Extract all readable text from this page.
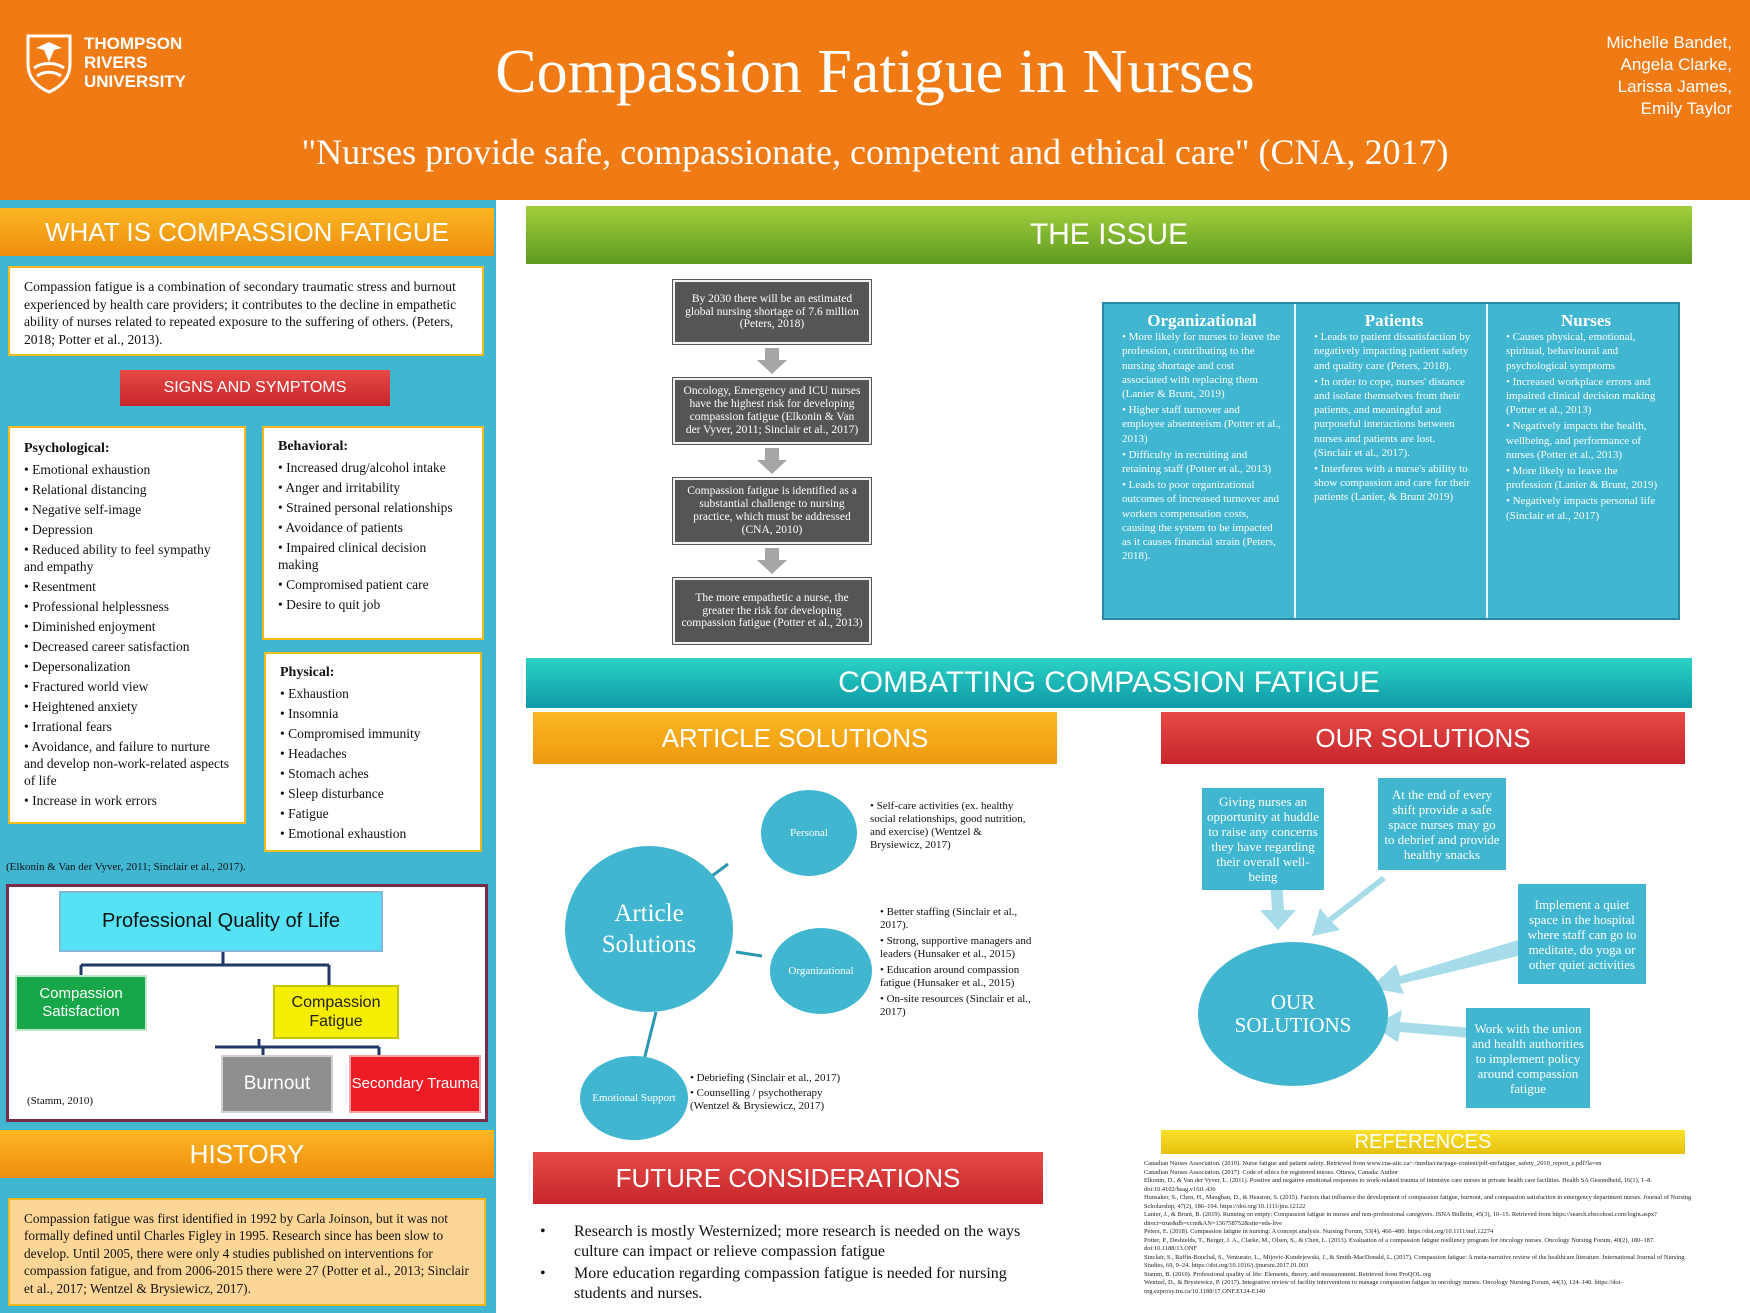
THOMPSON
RIVERS
UNIVERSITY	Compassion Fatigue in Nurses
"Nurses provide safe, compassionate, competent and ethical care" (CNA, 2017)
Michelle Bandet,
Angela Clarke,
Larissa James,
Emily Taylor
WHAT IS COMPASSION FATIGUE
Compassion fatigue is a combination of secondary traumatic stress and burnout experienced by health care providers; it contributes to the decline in empathetic ability of nurses related to repeated exposure to the suffering of others. (Peters, 2018; Potter et al., 2013).
SIGNS AND SYMPTOMS
Psychological:
• Emotional exhaustion
• Relational distancing
• Negative self-image
• Depression
• Reduced ability to feel sympathy and empathy
• Resentment
• Professional helplessness
• Diminished enjoyment
• Decreased career satisfaction
• Depersonalization
• Fractured world view
• Heightened anxiety
• Irrational fears
• Avoidance, and failure to nurture and develop non-work-related aspects of life
• Increase in work errors
Behavioral:
• Increased drug/alcohol intake
• Anger and irritability
• Strained personal relationships
• Avoidance of patients
• Impaired clinical decision making
• Compromised patient care
• Desire to quit job
Physical:
• Exhaustion
• Insomnia
• Compromised immunity
• Headaches
• Stomach aches
• Sleep disturbance
• Fatigue
• Emotional exhaustion
(Elkonin & Van der Vyver, 2011; Sinclair et al., 2017).
Professional Quality of Life
Compassion Satisfaction
Compassion Fatigue
Burnout	Secondary Trauma
(Stamm, 2010)
HISTORY
Compassion fatigue was first identified in 1992 by Carla Joinson, but it was not formally defined until Charles Figley in 1995. Research since has been slow to develop. Until 2005, there were only 4 studies published on interventions for compassion fatigue, and from 2006-2015 there were 27 (Potter et al., 2013; Sinclair et al., 2017; Wentzel & Brysiewicz, 2017).
THE ISSUE
By 2030 there will be an estimated global nursing shortage of 7.6 million (Peters, 2018)
Oncology, Emergency and ICU nurses have the highest risk for developing compassion fatigue (Elkonin & Van der Vyver, 2011; Sinclair et al., 2017)
Compassion fatigue is identified as a substantial challenge to nursing practice, which must be addressed (CNA, 2010)
The more empathetic a nurse, the greater the risk for developing compassion fatigue (Potter et al., 2013)
Organizational
• More likely for nurses to leave the profession, contributing to the nursing shortage and cost associated with replacing them (Lanier & Brunt, 2019)
• Higher staff turnover and employee absenteeism (Potter et al., 2013)
• Difficulty in recruiting and retaining staff (Potter et al., 2013)
• Leads to poor organizational outcomes of increased turnover and workers compensation costs, causing the system to be impacted as it causes financial strain (Peters, 2018).
Patients
• Leads to patient dissatisfaction by negatively impacting patient safety and quality care (Peters, 2018).
• In order to cope, nurses' distance and isolate themselves from their patients, and meaningful and purposeful interactions between nurses and patients are lost. (Sinclair et al., 2017).
• Interferes with a nurse's ability to show compassion and care for their patients (Lanier, & Brunt 2019)
Nurses
• Causes physical, emotional, spiritual, behavioural and psychological symptoms
• Increased workplace errors and impaired clinical decision making (Potter et al., 2013)
• Negatively impacts the health, wellbeing, and performance of nurses (Potter et al., 2013)
• More likely to leave the profession (Lanier & Brunt, 2019)
• Negatively impacts personal life (Sinclair et al., 2017)
COMBATTING COMPASSION FATIGUE
ARTICLE SOLUTIONS	OUR SOLUTIONS
Article Solutions
Personal
Organizational
Emotional Support
• Self-care activities (ex. healthy social relationships, good nutrition, and exercise) (Wentzel & Brysiewicz, 2017)
• Better staffing (Sinclair et al., 2017).
• Strong, supportive managers and leaders (Hunsaker et al., 2015)
• Education around compassion fatigue (Hunsaker et al., 2015)
• On-site resources (Sinclair et al., 2017)
• Debriefing (Sinclair et al., 2017)
• Counselling / psychotherapy (Wentzel & Brysiewicz, 2017)
OUR SOLUTIONS
Giving nurses an opportunity at huddle to raise any concerns they have regarding their overall well-being
At the end of every shift provide a safe space nurses may go to debrief and provide healthy snacks
Implement a quiet space in the hospital where staff can go to meditate, do yoga or other quiet activities
Work with the union and health authorities to implement policy around compassion fatigue
FUTURE CONSIDERATIONS
•	Research is mostly Westernized; more research is needed on the ways culture can impact or relieve compassion fatigue
•	More education regarding compassion fatigue is needed for nursing students and nurses.
REFERENCES
Canadian Nurses Association. (2010). Nurse fatigue and patient safety. Retrieved from www.cna-aiic.ca/~/media/cna/page-content/pdf-en/fatigue_safety_2010_report_e.pdf?la=en
Canadian Nurses Association. (2017). Code of ethics for registered nurses. Ottawa, Canada: Author
Elkonin, D., & Van der Vyver, L. (2011). Positive and negative emotional responses to work-related trauma of intensive care nurses in private health care facilities. Health SA Gesondheid, 16(1), 1–8. doi:10.4102/hsag.v16i1.436
Hunsaker, S., Chen, H., Maughan, D., & Heaston, S. (2015). Factors that influence the development of compassion fatigue, burnout, and compassion satisfaction in emergency department nurses. Journal of Nursing Scholarship, 47(2), 186–194. https://doi.org/10.1111/jnu.12122
Lanier, J., & Brunt, B. (2019). Running on empty: Compassion fatigue in nurses and non-professional caregivers. ISNA Bulletin, 45(3), 10–15. Retrieved from https://search.ebscohost.com/login.aspx?direct=true&db=ccm&AN=136758752&site=eds-live
Peters, E. (2018). Compassion fatigue in nursing: A concept analysis. Nursing Forum, 53(4), 466–480. https://doi.org/10.1111/nuf.12274
Potter, P., Deshields, T., Berger, J. A., Clarke, M., Olsen, S., & Chen, L. (2013). Evaluation of a compassion fatigue resiliency program for oncology nurses. Oncology Nursing Forum, 40(2), 180–187. doi:10.1188/13.ONF
Sinclair, S., Raffin-Bouchal, S., Venturato, L., Mijovic-Kondejewski, J., & Smith-MacDonald, L. (2017). Compassion fatigue: A meta-narrative review of the healthcare literature. International Journal of Nursing Studies, 69, 9–24. https://doi.org/10.1016/j.ijnurstu.2017.01.003
Stamm, B. (2010). Professional quality of life: Elements, theory, and measurement. Retrieved from ProQOL.org
Wentzel, D., & Brysiewicz, P. (2017). Integrative review of facility interventions to manage compassion fatigue in oncology nurses. Oncology Nursing Forum, 44(3), 124–140. https://doi-org.ezproxy.tru.ca/10.1188/17.ONF.E124-E140
